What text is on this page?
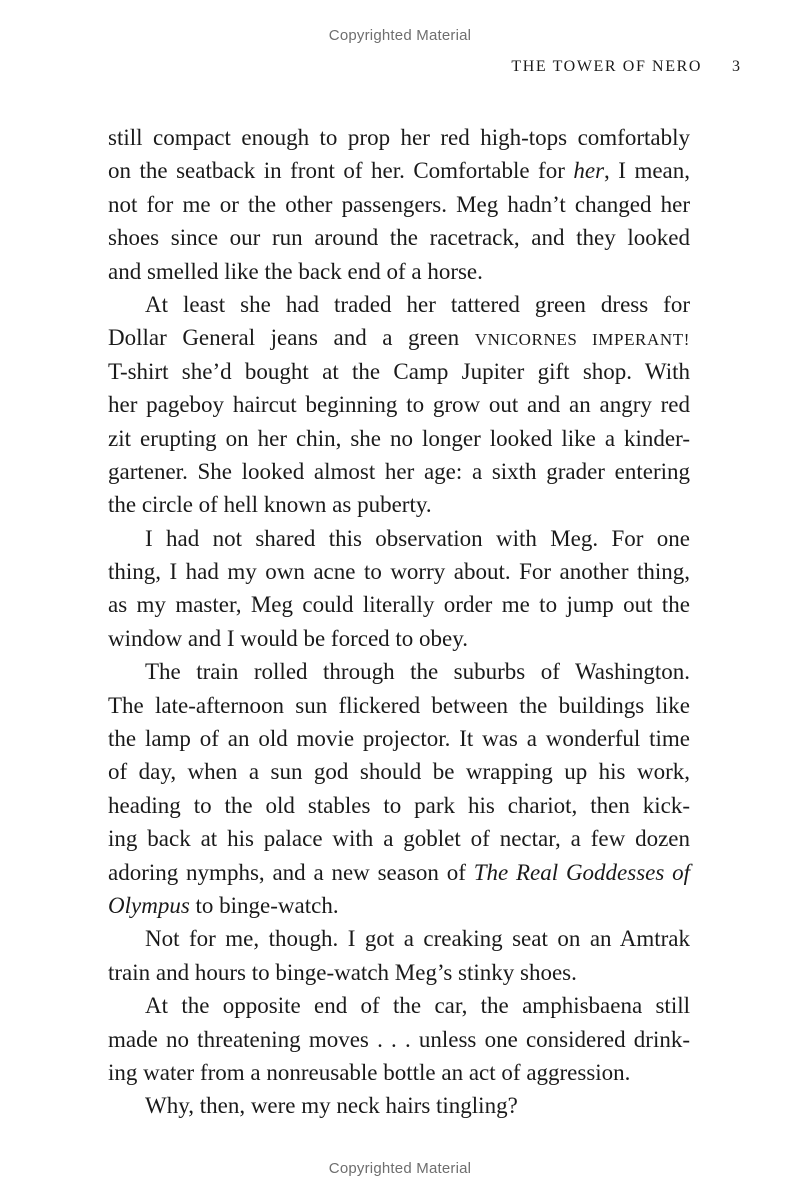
Copyrighted Material
THE TOWER OF NERO 3
still compact enough to prop her red high-tops comfortably
on the seatback in front of her. Comfortable for her, I mean,
not for me or the other passengers. Meg hadn’t changed her
shoes since our run around the racetrack, and they looked
and smelled like the back end of a horse.
At least she had traded her tattered green dress for
Dollar General jeans and a green VNICORNES IMPERANT!
T-shirt she’d bought at the Camp Jupiter gift shop. With
her pageboy haircut beginning to grow out and an angry red
zit erupting on her chin, she no longer looked like a kinder-
gartener. She looked almost her age: a sixth grader entering
the circle of hell known as puberty.
I had not shared this observation with Meg. For one
thing, I had my own acne to worry about. For another thing,
as my master, Meg could literally order me to jump out the
window and I would be forced to obey.
The train rolled through the suburbs of Washington.
The late-afternoon sun flickered between the buildings like
the lamp of an old movie projector. It was a wonderful time
of day, when a sun god should be wrapping up his work,
heading to the old stables to park his chariot, then kick-
ing back at his palace with a goblet of nectar, a few dozen
adoring nymphs, and a new season of The Real Goddesses of
Olympus to binge-watch.
Not for me, though. I got a creaking seat on an Amtrak
train and hours to binge-watch Meg’s stinky shoes.
At the opposite end of the car, the amphisbaena still
made no threatening moves . . . unless one considered drink-
ing water from a nonreusable bottle an act of aggression.
Why, then, were my neck hairs tingling?
Copyrighted Material
